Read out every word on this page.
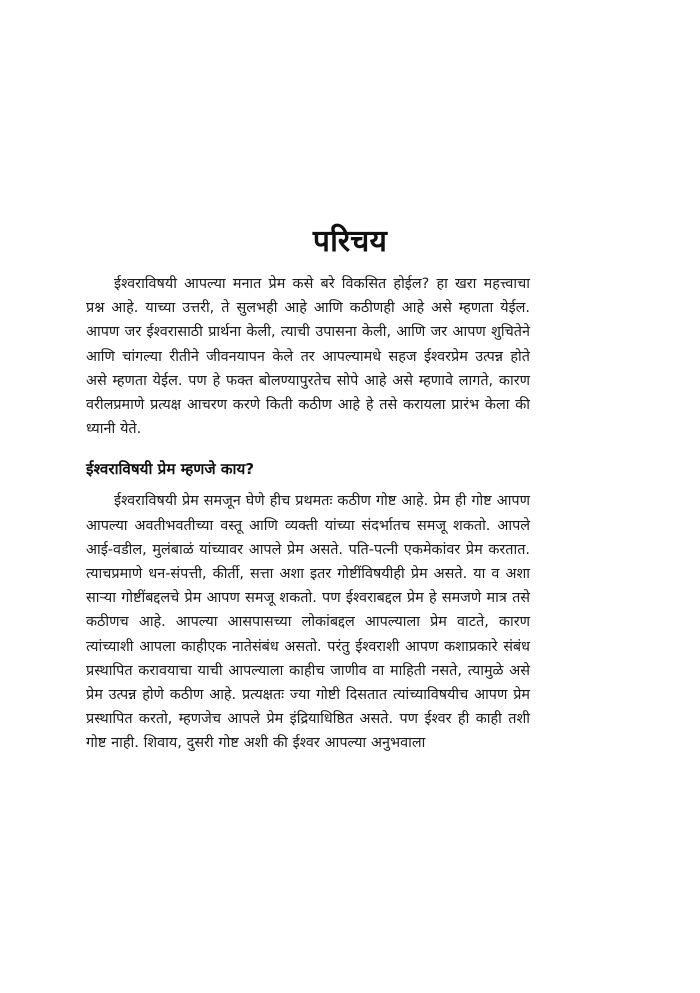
परिचय

ईश्वराविषयी आपल्या मनात प्रेम कसे बरे विकसित होईल? हा खरा महत्त्वाचा प्रश्न आहे. याच्या उत्तरी, ते सुलभही आहे आणि कठीणही आहे असे म्हणता येईल. आपण जर ईश्वरासाठी प्रार्थना केली, त्याची उपासना केली, आणि जर आपण शुचितेने आणि चांगल्या रीतीने जीवनयापन केले तर आपल्यामधे सहज ईश्वरप्रेम उत्पन्न होते असे म्हणता येईल. पण हे फक्त बोलण्यापुरतेच सोपे आहे असे म्हणावे लागते, कारण वरीलप्रमाणे प्रत्यक्ष आचरण करणे किती कठीण आहे हे तसे करायला प्रारंभ केला की ध्यानी येते.

ईश्वराविषयी प्रेम म्हणजे काय?

ईश्वराविषयी प्रेम समजून घेणे हीच प्रथमतः कठीण गोष्ट आहे. प्रेम ही गोष्ट आपण आपल्या अवतीभवतीच्या वस्तू आणि व्यक्ती यांच्या संदर्भातच समजू शकतो. आपले आई-वडील, मुलंबाळं यांच्यावर आपले प्रेम असते. पति-पत्नी एकमेकांवर प्रेम करतात. त्याचप्रमाणे धन-संपत्ती, कीर्ती, सत्ता अशा इतर गोष्टींविषयीही प्रेम असते. या व अशा साऱ्या गोष्टींबद्दलचे प्रेम आपण समजू शकतो. पण ईश्वराबद्दल प्रेम हे समजणे मात्र तसे कठीणच आहे. आपल्या आसपासच्या लोकांबद्दल आपल्याला प्रेम वाटते, कारण त्यांच्याशी आपला काहीएक नातेसंबंध असतो. परंतु ईश्वराशी आपण कशाप्रकारे संबंध प्रस्थापित करावयाचा याची आपल्याला काहीच जाणीव वा माहिती नसते, त्यामुळे असे प्रेम उत्पन्न होणे कठीण आहे. प्रत्यक्षतः ज्या गोष्टी दिसतात त्यांच्याविषयीच आपण प्रेम प्रस्थापित करतो, म्हणजेच आपले प्रेम इंद्रियाधिष्ठित असते. पण ईश्वर ही काही तशी गोष्ट नाही. शिवाय, दुसरी गोष्ट अशी की ईश्वर आपल्या अनुभवाला
